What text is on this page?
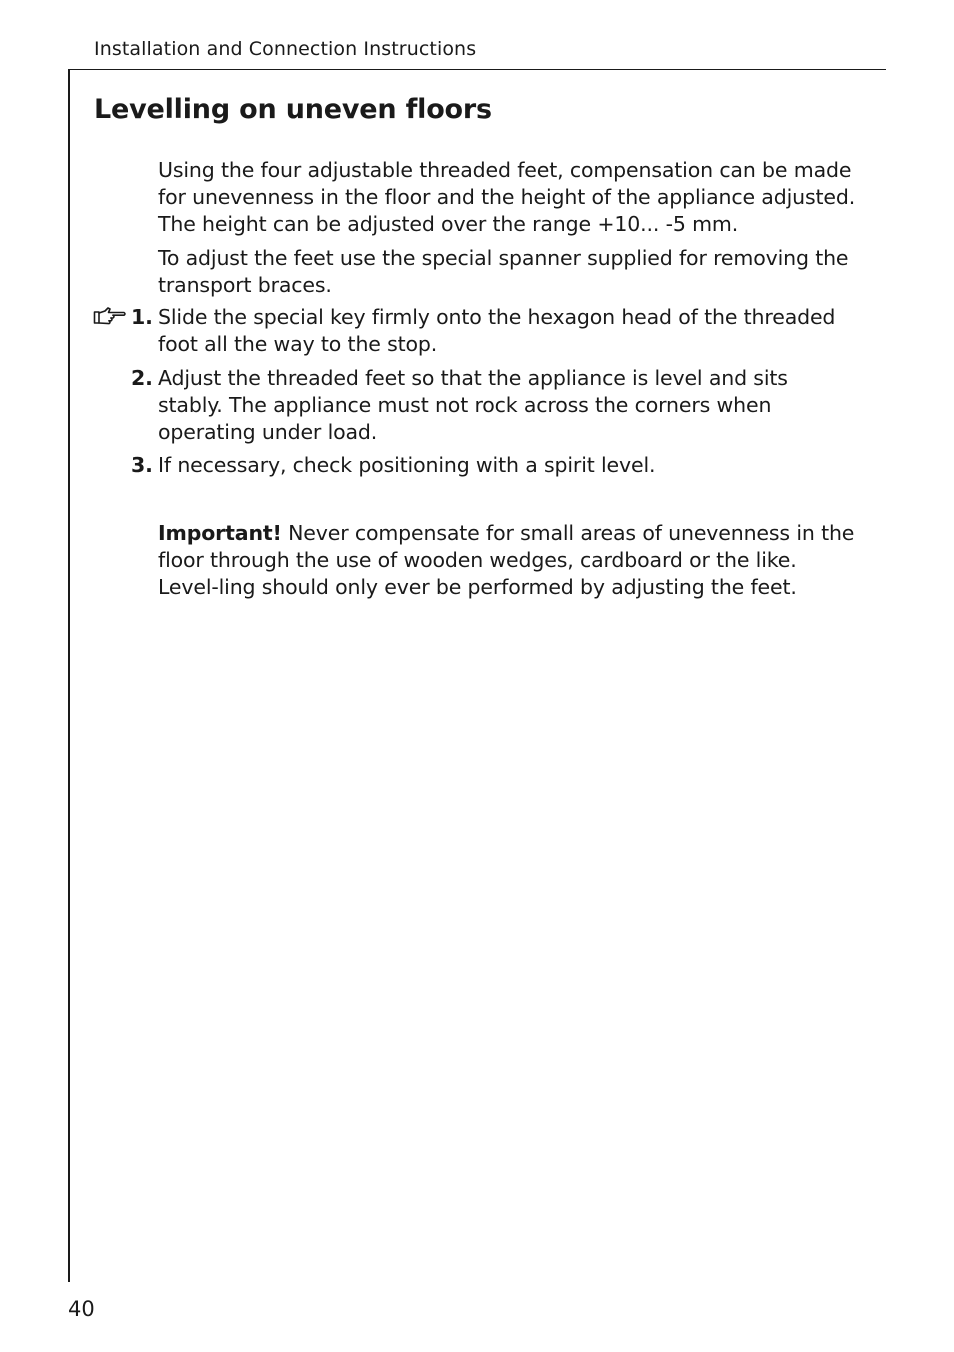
Installation and Connection Instructions
Levelling on uneven floors

Using the four adjustable threaded feet, compensation can be made for unevenness in the floor and the height of the appliance adjusted. The height can be adjusted over the range +10... -5 mm.

To adjust the feet use the special spanner supplied for removing the transport braces.

1. Slide the special key firmly onto the hexagon head of the threaded foot all the way to the stop.
2. Adjust the threaded feet so that the appliance is level and sits stably. The appliance must not rock across the corners when operating under load.
3. If necessary, check positioning with a spirit level.

Important! Never compensate for small areas of unevenness in the floor through the use of wooden wedges, cardboard or the like. Level-ling should only ever be performed by adjusting the feet.

40
